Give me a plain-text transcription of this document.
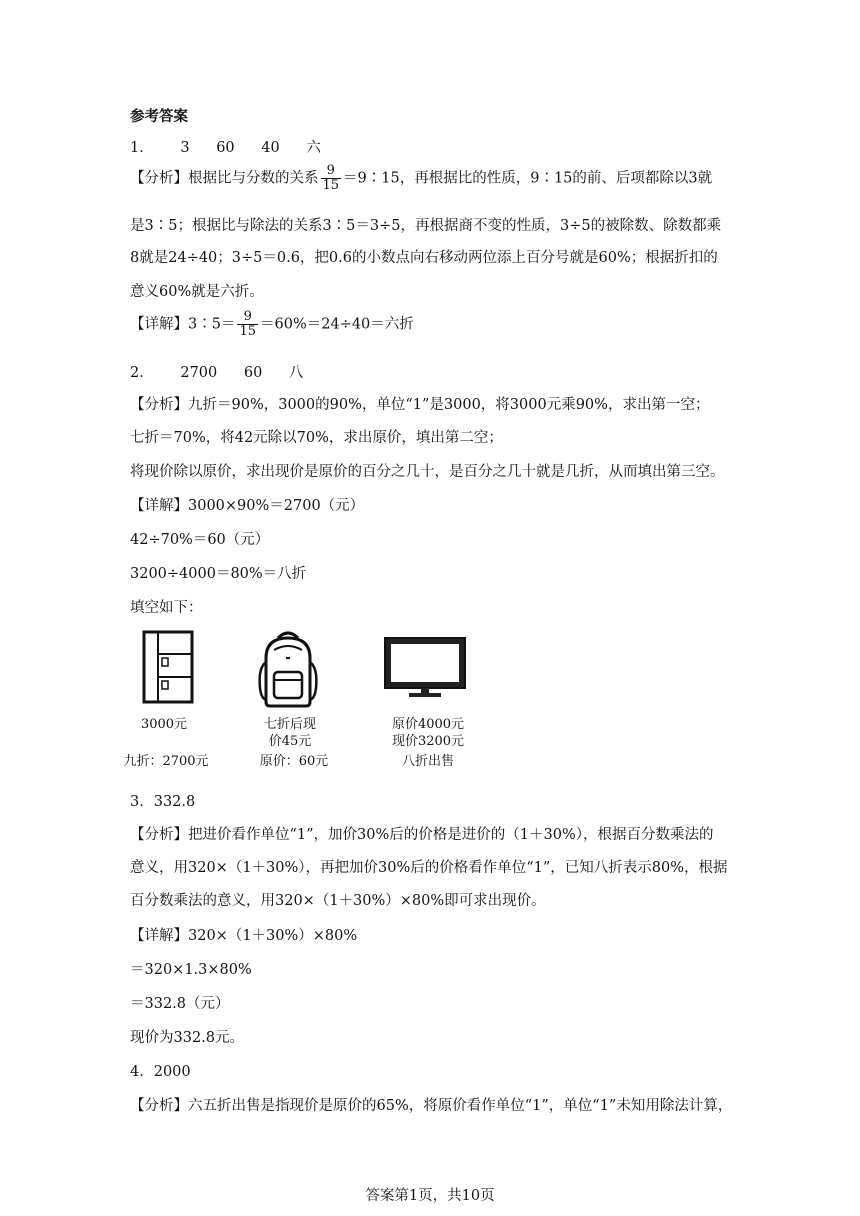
参考答案
1． 3 60 40 六
【分析】根据比与分数的关系 $\frac{9}{15}$ ＝9∶15，再根据比的性质，9∶15的前、后项都除以3就
是3∶5；根据比与除法的关系3∶5＝3÷5，再根据商不变的性质，3÷5的被除数、除数都乘
8就是24÷40；3÷5＝0.6，把0.6的小数点向右移动两位添上百分号就是60%；根据折扣的
意义60%就是六折。
【详解】3∶5＝ $\frac{9}{15} =60\%=24\div 40=$六折
2． 2700 60 八
【分析】九折＝90%，3000的90%，单位“1”是3000，将3000元乘90%，求出第一空；
七折＝70%，将42元除以70%，求出原价，填出第二空；
将现价除以原价，求出现价是原价的百分之几十，是百分之几十就是几折，从而填出第三空。
【详解】3000×90%＝2700（元）
42÷70%＝60（元）
3200÷4000＝80%＝八折
填空如下：
3000元
九折：2700元
七折后现
价45元
原价：60元
原价4000元
现价3200元
八折出售
3．332.8
【分析】把进价看作单位“1”，加价30%后的价格是进价的（1＋30%），根据百分数乘法的
意义，用320×（1＋30%），再把加价30%后的价格看作单位“1”，已知八折表示80%，根据
百分数乘法的意义，用320×（1＋30%）×80%即可求出现价。
【详解】320×（1＋30%）×80%
＝320×1.3×80%
＝332.8（元）
现价为332.8元。
4．2000
【分析】六五折出售是指现价是原价的65%，将原价看作单位“1”，单位“1”未知用除法计算，
答案第1页，共10页
